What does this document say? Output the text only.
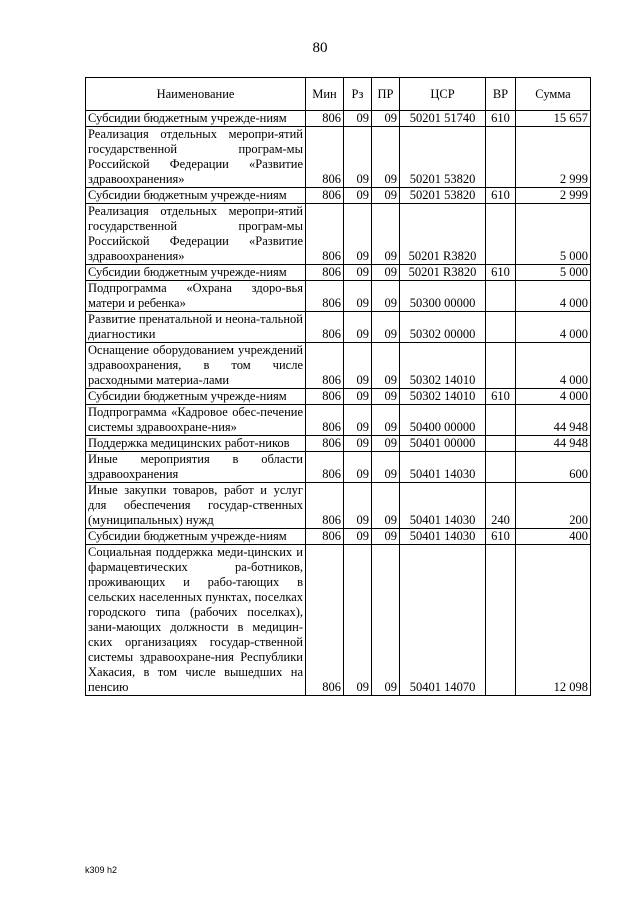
80
Наименование	Мин	Рз	ПР	ЦСР	ВР	Сумма
Субсидии бюджетным учрежде-ниям	806	09	09	50201 51740	610	15 657
Реализация отдельных меропри-ятий государственной програм-мы Российской Федерации «Развитие здравоохранения»	806	09	09	50201 53820		2 999
Субсидии бюджетным учрежде-ниям	806	09	09	50201 53820	610	2 999
Реализация отдельных меропри-ятий государственной програм-мы Российской Федерации «Развитие здравоохранения»	806	09	09	50201 R3820		5 000
Субсидии бюджетным учрежде-ниям	806	09	09	50201 R3820	610	5 000
Подпрограмма «Охрана здоро-вья матери и ребенка»	806	09	09	50300 00000		4 000
Развитие пренатальной и неона-тальной диагностики	806	09	09	50302 00000		4 000
Оснащение оборудованием учреждений здравоохранения, в том числе расходными материа-лами	806	09	09	50302 14010		4 000
Субсидии бюджетным учрежде-ниям	806	09	09	50302 14010	610	4 000
Подпрограмма «Кадровое обес-печение системы здравоохране-ния»	806	09	09	50400 00000		44 948
Поддержка медицинских работ-ников	806	09	09	50401 00000		44 948
Иные мероприятия в области здравоохранения	806	09	09	50401 14030		600
Иные закупки товаров, работ и услуг для обеспечения государ-ственных (муниципальных) нужд	806	09	09	50401 14030	240	200
Субсидии бюджетным учрежде-ниям	806	09	09	50401 14030	610	400
Социальная поддержка меди-цинских и фармацевтических ра-ботников, проживающих и рабо-тающих в сельских населенных пунктах, поселках городского типа (рабочих поселках), зани-мающих должности в медицин-ских организациях государ-ственной системы здравоохране-ния Республики Хакасия, в том числе вышедших на пенсию	806	09	09	50401 14070		12 098
k309 h2
